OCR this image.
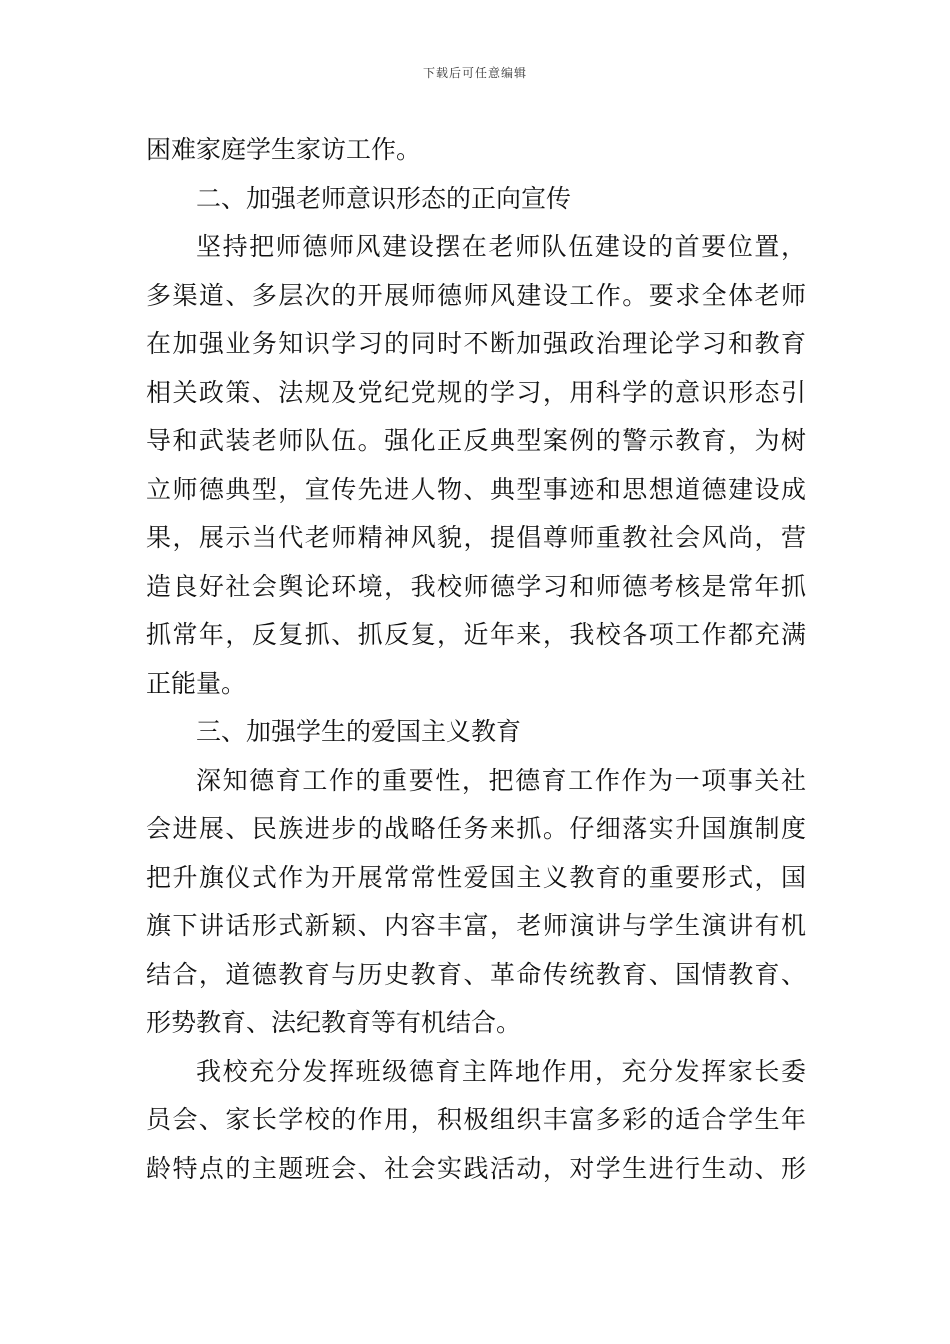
下载后可任意编辑

困难家庭学生家访工作。

二、加强老师意识形态的正向宣传

坚持把师德师风建设摆在老师队伍建设的首要位置，
多渠道、多层次的开展师德师风建设工作。要求全体老师
在加强业务知识学习的同时不断加强政治理论学习和教育
相关政策、法规及党纪党规的学习，用科学的意识形态引
导和武装老师队伍。强化正反典型案例的警示教育，为树
立师德典型，宣传先进人物、典型事迹和思想道德建设成
果，展示当代老师精神风貌，提倡尊师重教社会风尚，营
造良好社会舆论环境，我校师德学习和师德考核是常年抓
抓常年，反复抓、抓反复，近年来，我校各项工作都充满
正能量。

三、加强学生的爱国主义教育

深知德育工作的重要性，把德育工作作为一项事关社
会进展、民族进步的战略任务来抓。仔细落实升国旗制度
把升旗仪式作为开展常常性爱国主义教育的重要形式，国
旗下讲话形式新颖、内容丰富，老师演讲与学生演讲有机
结合，道德教育与历史教育、革命传统教育、国情教育、
形势教育、法纪教育等有机结合。

我校充分发挥班级德育主阵地作用，充分发挥家长委
员会、家长学校的作用，积极组织丰富多彩的适合学生年
龄特点的主题班会、社会实践活动，对学生进行生动、形
